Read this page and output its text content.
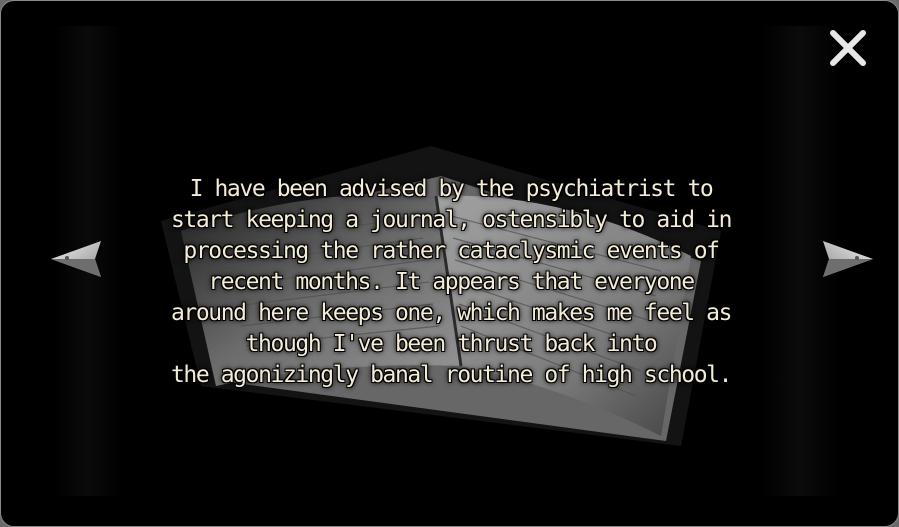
I have been advised by the psychiatrist to
start keeping a journal, ostensibly to aid in
processing the rather cataclysmic events of
recent months. It appears that everyone
around here keeps one, which makes me feel as
though I've been thrust back into
the agonizingly banal routine of high school.
